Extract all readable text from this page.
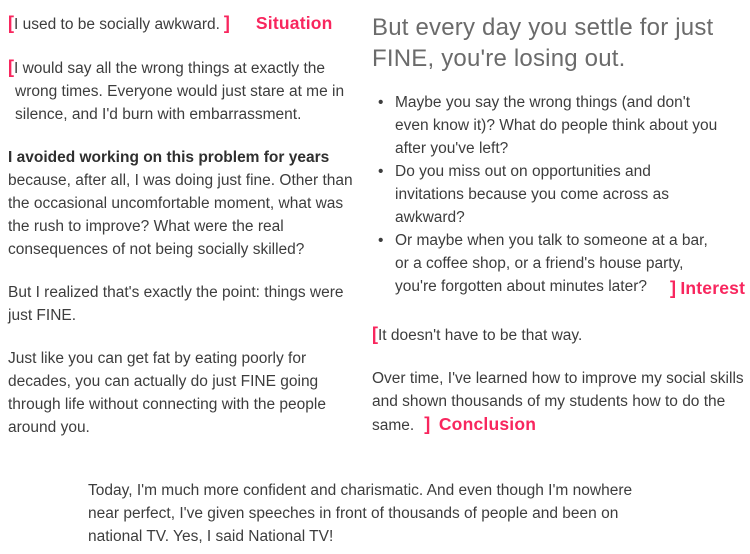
[I used to be socially awkward. ] Situation

[I would say all the wrong things at exactly the wrong times. Everyone would just stare at me in silence, and I'd burn with embarrassment.

I avoided working on this problem for years because, after all, I was doing just fine. Other than the occasional uncomfortable moment, what was the rush to improve? What were the real consequences of not being socially skilled?

But I realized that's exactly the point: things were just FINE.

Just like you can get fat by eating poorly for decades, you can actually do just FINE going through life without connecting with the people around you.

But every day you settle for just FINE, you're losing out.
• Maybe you say the wrong things (and don't even know it)? What do people think about you after you've left?
• Do you miss out on opportunities and invitations because you come across as awkward?
• Or maybe when you talk to someone at a bar, or a coffee shop, or a friend's house party, you're forgotten about minutes later? ] Interest

[It doesn't have to be that way.

Over time, I've learned how to improve my social skills and shown thousands of my students how to do the same. ] Conclusion

Today, I'm much more confident and charismatic. And even though I'm nowhere near perfect, I've given speeches in front of thousands of people and been on national TV. Yes, I said National TV!
